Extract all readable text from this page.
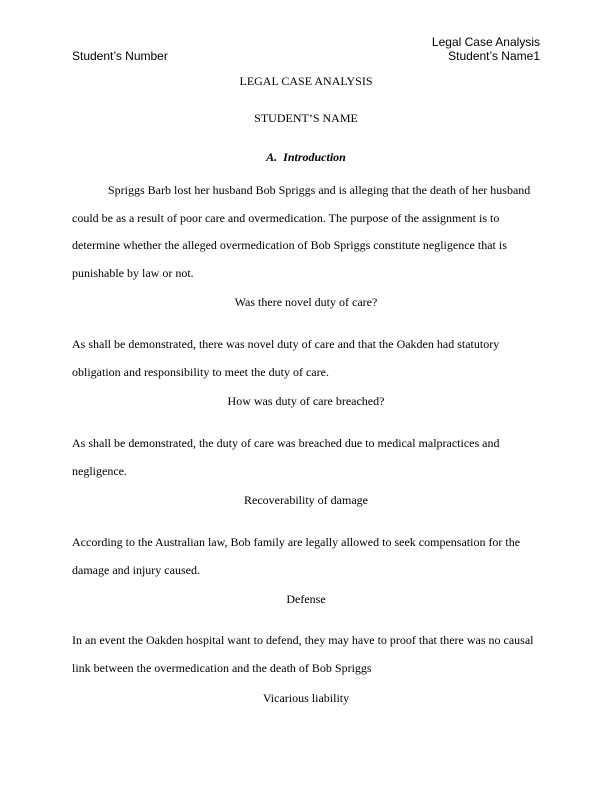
Legal Case Analysis
Student’s Number	Student’s Name1
LEGAL CASE ANALYSIS
STUDENT’S NAME
A. Introduction

Spriggs Barb lost her husband Bob Spriggs and is alleging that the death of her husband

could be as a result of poor care and overmedication. The purpose of the assignment is to

determine whether the alleged overmedication of Bob Spriggs constitute negligence that is

punishable by law or not.

Was there novel duty of care?

As shall be demonstrated, there was novel duty of care and that the Oakden had statutory

obligation and responsibility to meet the duty of care.

How was duty of care breached?

As shall be demonstrated, the duty of care was breached due to medical malpractices and

negligence.

Recoverability of damage

According to the Australian law, Bob family are legally allowed to seek compensation for the

damage and injury caused.

Defense

In an event the Oakden hospital want to defend, they may have to proof that there was no causal

link between the overmedication and the death of Bob Spriggs

Vicarious liability
